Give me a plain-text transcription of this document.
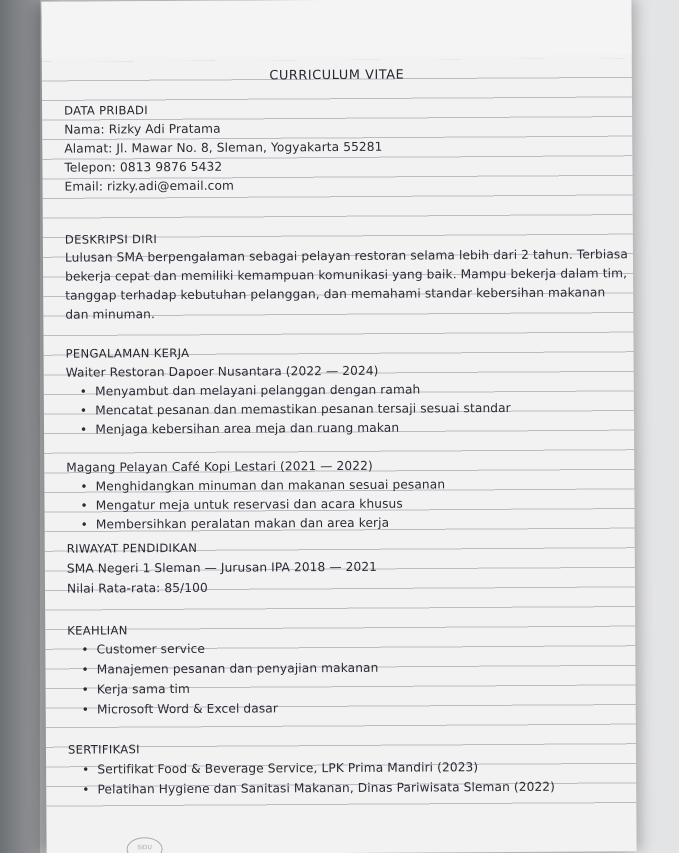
CURRICULUM VITAE
DATA PRIBADI
Nama: Rizky Adi Pratama
Alamat: Jl. Mawar No. 8, Sleman, Yogyakarta 55281
Telepon: 0813 9876 5432
Email: rizky.adi@email.com
DESKRIPSI DIRI
Lulusan SMA berpengalaman sebagai pelayan restoran selama lebih dari 2 tahun. Terbiasa
bekerja cepat dan memiliki kemampuan komunikasi yang baik. Mampu bekerja dalam tim,
tanggap terhadap kebutuhan pelanggan, dan memahami standar kebersihan makanan
dan minuman.
PENGALAMAN KERJA
Waiter Restoran Dapoer Nusantara (2022 — 2024)
• Menyambut dan melayani pelanggan dengan ramah
• Mencatat pesanan dan memastikan pesanan tersaji sesuai standar
• Menjaga kebersihan area meja dan ruang makan
Magang Pelayan Café Kopi Lestari (2021 — 2022)
• Menghidangkan minuman dan makanan sesuai pesanan
• Mengatur meja untuk reservasi dan acara khusus
• Membersihkan peralatan makan dan area kerja
RIWAYAT PENDIDIKAN
SMA Negeri 1 Sleman — Jurusan IPA 2018 — 2021
Nilai Rata-rata: 85/100
KEAHLIAN
• Customer service
• Manajemen pesanan dan penyajian makanan
• Kerja sama tim
• Microsoft Word & Excel dasar
SERTIFIKASI
• Sertifikat Food & Beverage Service, LPK Prima Mandiri (2023)
• Pelatihan Hygiene dan Sanitasi Makanan, Dinas Pariwisata Sleman (2022)
SIDU
